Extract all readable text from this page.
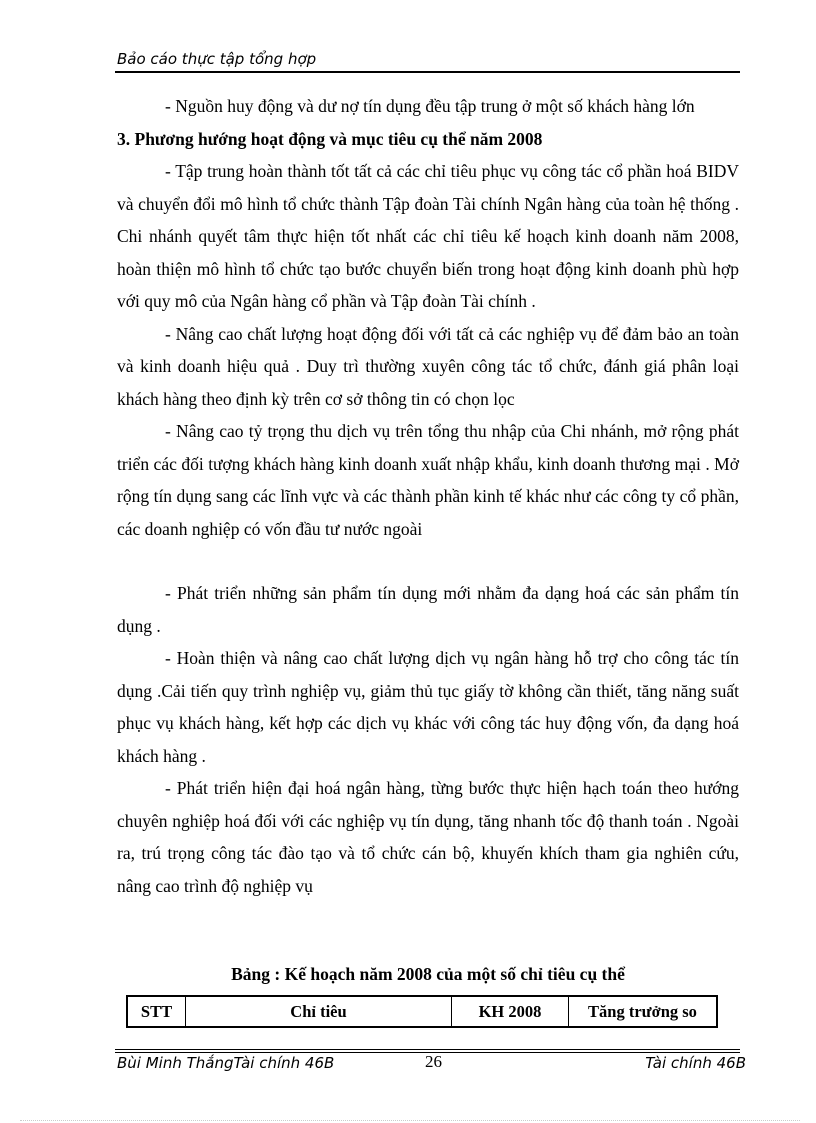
Bảo cáo thực tập tổng hợp

- Nguồn huy động và dư nợ tín dụng đều tập trung ở một số khách hàng lớn

3. Phương hướng hoạt động và mục tiêu cụ thể năm 2008

- Tập trung hoàn thành tốt tất cả các chỉ tiêu phục vụ công tác cổ phần hoá BIDV và chuyển đổi mô hình tổ chức thành Tập đoàn Tài chính Ngân hàng của toàn hệ thống . Chi nhánh quyết tâm thực hiện tốt nhất các chỉ tiêu kế hoạch kinh doanh năm 2008, hoàn thiện mô hình tổ chức tạo bước chuyển biến trong hoạt động kinh doanh phù hợp với quy mô của Ngân hàng cổ phần và Tập đoàn Tài chính .

- Nâng cao chất lượng hoạt động đối với tất cả các nghiệp vụ để đảm bảo an toàn và kinh doanh hiệu quả . Duy trì thường xuyên công tác tổ chức, đánh giá phân loại khách hàng theo định kỳ trên cơ sở thông tin có chọn lọc

- Nâng cao tỷ trọng thu dịch vụ trên tổng thu nhập của Chi nhánh, mở rộng phát triển các đối tượng khách hàng kinh doanh xuất nhập khẩu, kinh doanh thương mại . Mở rộng tín dụng sang các lĩnh vực và các thành phần kinh tế khác như các công ty cổ phần, các doanh nghiệp có vốn đầu tư nước ngoài

- Phát triển những sản phẩm tín dụng mới nhằm đa dạng hoá các sản phẩm tín dụng .

- Hoàn thiện và nâng cao chất lượng dịch vụ ngân hàng hỗ trợ cho công tác tín dụng .Cải tiến quy trình nghiệp vụ, giảm thủ tục giấy tờ không cần thiết, tăng năng suất phục vụ khách hàng, kết hợp các dịch vụ khác với công tác huy động vốn, đa dạng hoá khách hàng .

- Phát triển hiện đại hoá ngân hàng, từng bước thực hiện hạch toán theo hướng chuyên nghiệp hoá đối với các nghiệp vụ tín dụng, tăng nhanh tốc độ thanh toán . Ngoài ra, trú trọng công tác đào tạo và tổ chức cán bộ, khuyến khích tham gia nghiên cứu, nâng cao trình độ nghiệp vụ

Bảng : Kế hoạch năm 2008 của một số chỉ tiêu cụ thể
STT	Chỉ tiêu	KH 2008	Tăng trưởng so
Bùi Minh ThắngTài chính 46B	26	Tài chính 46B
